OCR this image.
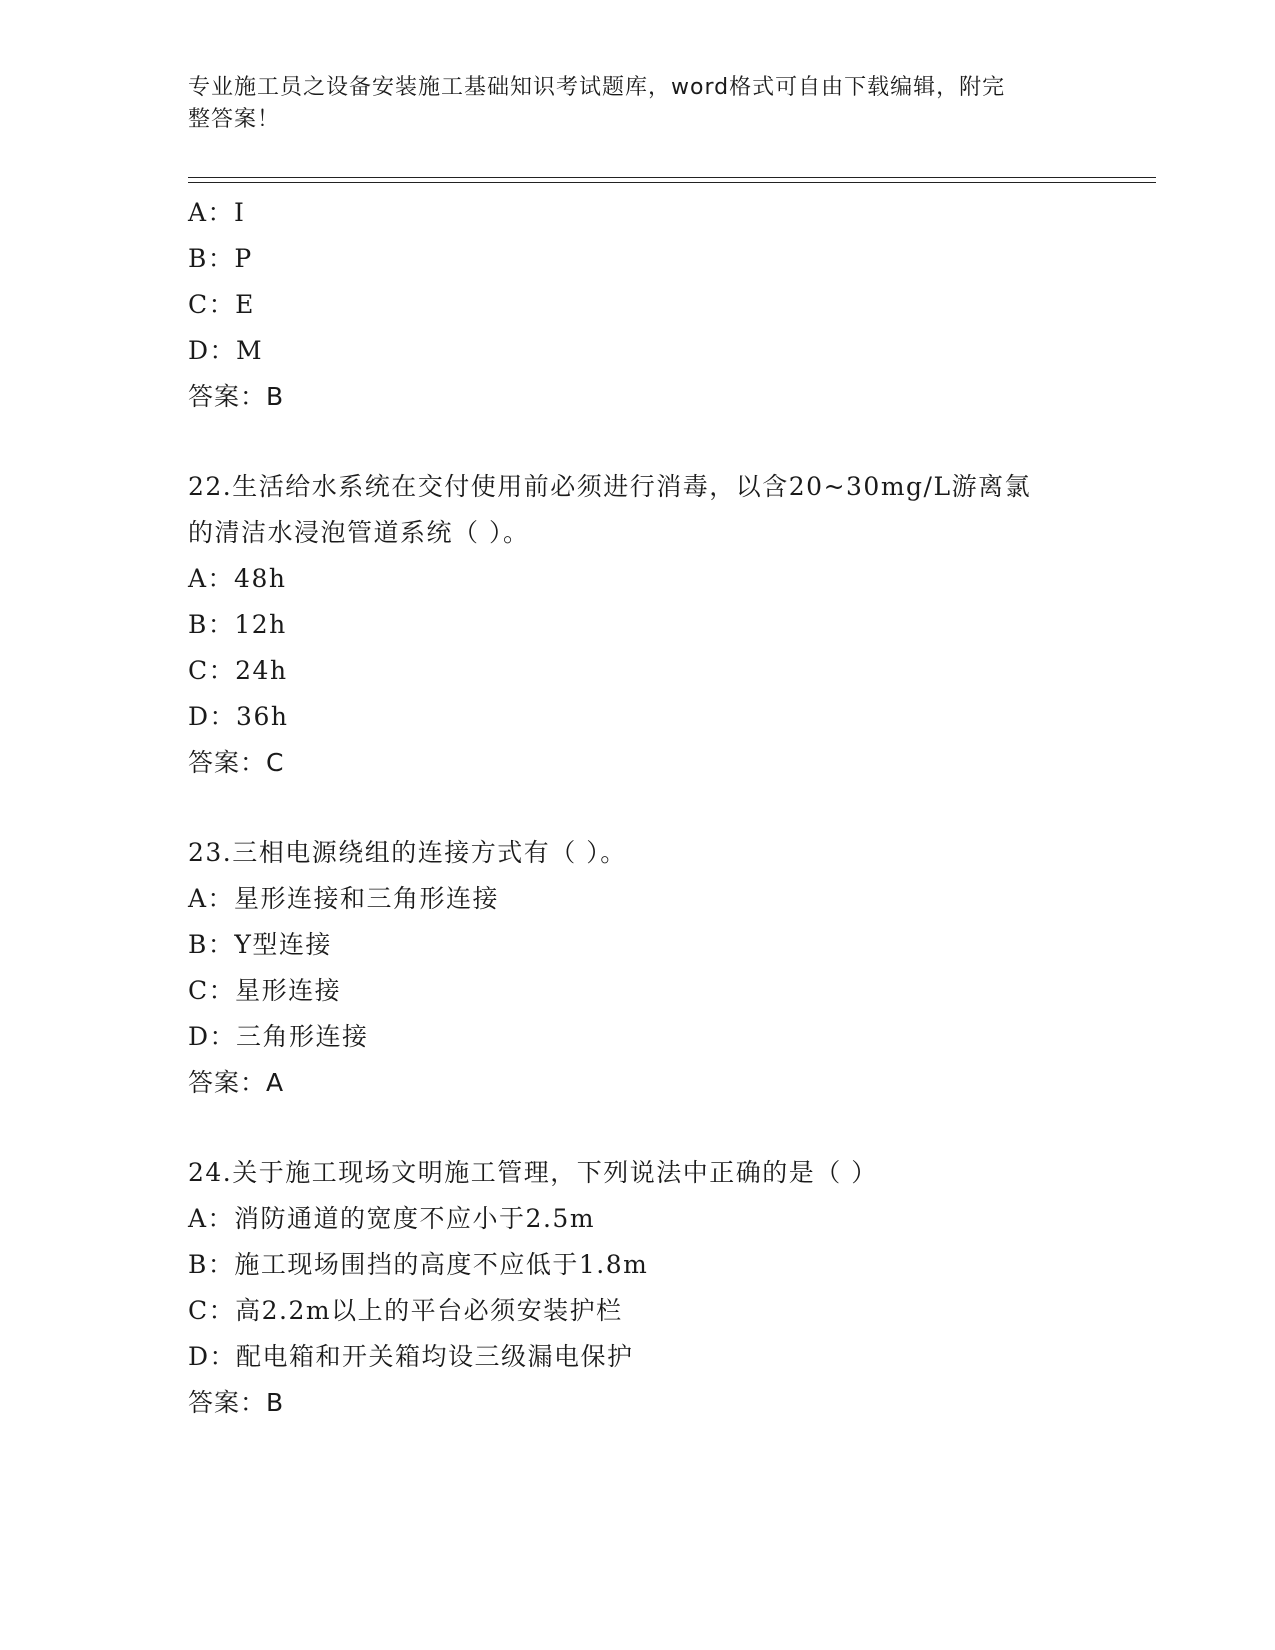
专业施工员之设备安装施工基础知识考试题库，word格式可自由下载编辑，附完
整答案！
A：I
B：P
C：E
D：M
答案：B
22.生活给水系统在交付使用前必须进行消毒，以含20~30mg/L游离氯
的清洁水浸泡管道系统（ ）。
A：48h
B：12h
C：24h
D：36h
答案：C
23.三相电源绕组的连接方式有（ ）。
A：星形连接和三角形连接
B：Y型连接
C：星形连接
D：三角形连接
答案：A
24.关于施工现场文明施工管理，下列说法中正确的是（ ）
A：消防通道的宽度不应小于2.5m
B：施工现场围挡的高度不应低于1.8m
C：高2.2m以上的平台必须安装护栏
D：配电箱和开关箱均设三级漏电保护
答案：B
